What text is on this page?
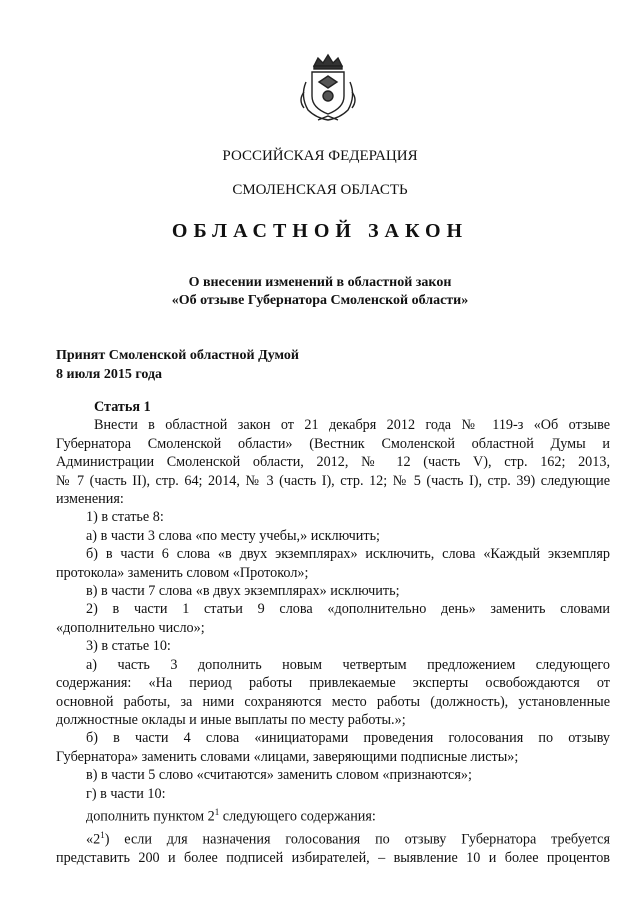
РОССИЙСКАЯ ФЕДЕРАЦИЯ
СМОЛЕНСКАЯ ОБЛАСТЬ
ОБЛАСТНОЙ ЗАКОН
О внесении изменений в областной закон
«Об отзыве Губернатора Смоленской области»
Принят Смоленской областной Думой
8 июля 2015 года
Статья 1
Внести в областной закон от 21 декабря 2012 года № 119-з «Об отзыве
Губернатора Смоленской области» (Вестник Смоленской областной Думы и
Администрации Смоленской области, 2012, № 12 (часть V), стр. 162; 2013,
№ 7 (часть II), стр. 64; 2014, № 3 (часть I), стр. 12; № 5 (часть I), стр. 39) следующие
изменения:
1) в статье 8:
а) в части 3 слова «по месту учебы,» исключить;
б) в части 6 слова «в двух экземплярах» исключить, слова «Каждый экземпляр
протокола» заменить словом «Протокол»;
в) в части 7 слова «в двух экземплярах» исключить;
2) в части 1 статьи 9 слова «дополнительно день» заменить словами
«дополнительно число»;
3) в статье 10:
а) часть 3 дополнить новым четвертым предложением следующего
содержания: «На период работы привлекаемые эксперты освобождаются от
основной работы, за ними сохраняются место работы (должность), установленные
должностные оклады и иные выплаты по месту работы.»;
б) в части 4 слова «инициаторами проведения голосования по отзыву
Губернатора» заменить словами «лицами, заверяющими подписные листы»;
в) в части 5 слово «считаются» заменить словом «признаются»;
г) в части 10:
дополнить пунктом $2^1$ следующего содержания:
«$2^1$) если для назначения голосования по отзыву Губернатора требуется
представить 200 и более подписей избирателей, – выявление 10 и более процентов
